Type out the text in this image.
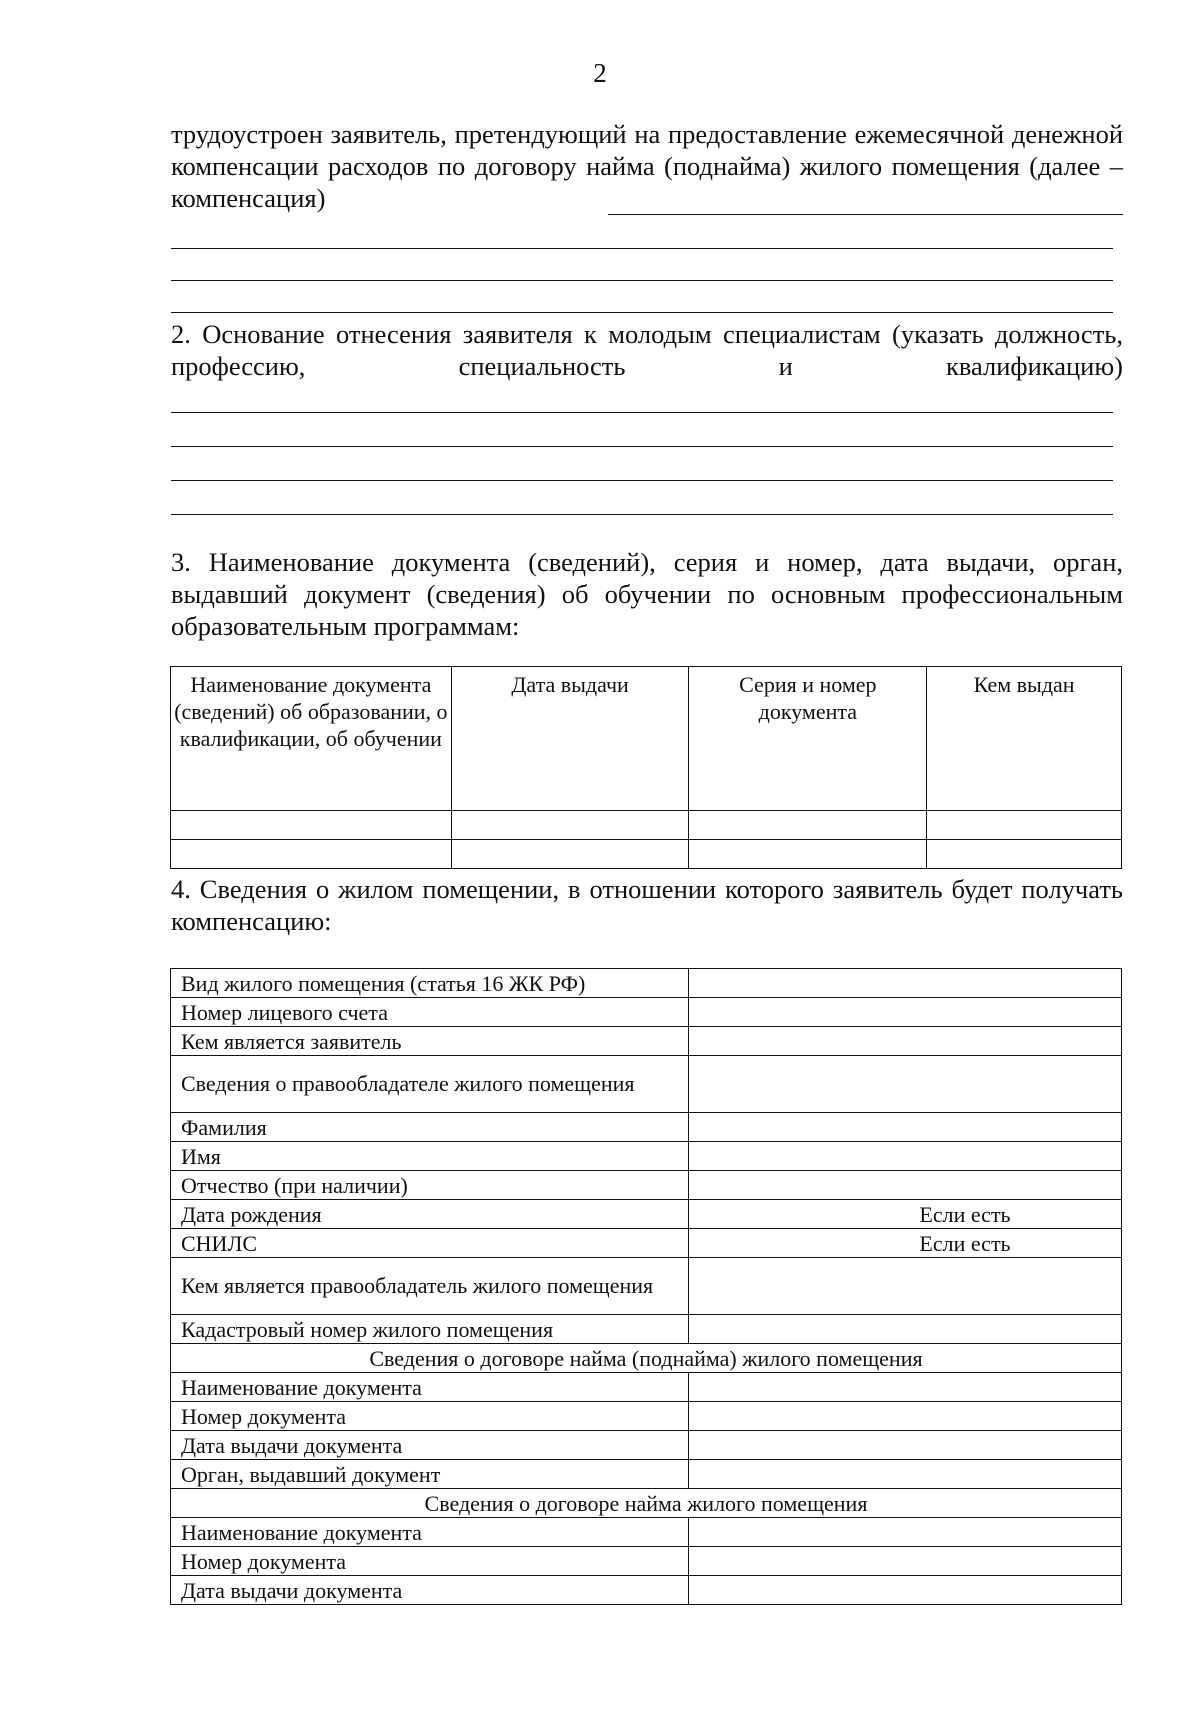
2
трудоустроен заявитель, претендующий на предоставление ежемесячной денежной компенсации расходов по договору найма (поднайма) жилого помещения (далее – компенсация)
2. Основание отнесения заявителя к молодым специалистам (указать должность, профессию, специальность и квалификацию)
3. Наименование документа (сведений), серия и номер, дата выдачи, орган, выдавший документ (сведения) об обучении по основным профессиональным образовательным программам:
Наименование документа (сведений) об образовании, о квалификации, об обучении	Дата выдачи	Серия и номер документа	Кем выдан

4. Сведения о жилом помещении, в отношении которого заявитель будет получать компенсацию:
Вид жилого помещения (статья 16 ЖК РФ)	
Номер лицевого счета	
Кем является заявитель	
Сведения о правообладателе жилого помещения	
Фамилия	
Имя	
Отчество (при наличии)	
Дата рождения	Если есть
СНИЛС	Если есть
Кем является правообладатель жилого помещения	
Кадастровый номер жилого помещения	
Сведения о договоре найма (поднайма) жилого помещения	
Наименование документа	
Номер документа	
Дата выдачи документа	
Орган, выдавший документ	
Сведения о договоре найма жилого помещения	
Наименование документа	
Номер документа	
Дата выдачи документа	
